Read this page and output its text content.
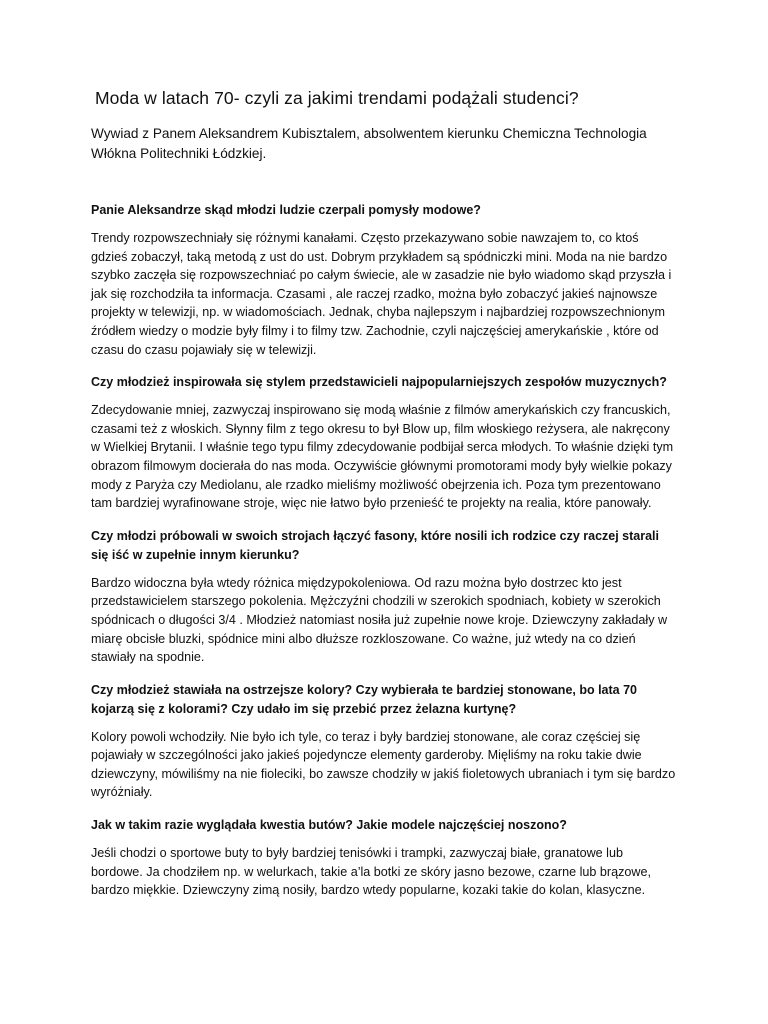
Moda w latach 70- czyli za jakimi trendami podążali studenci?

Wywiad z Panem Aleksandrem Kubisztalem, absolwentem kierunku Chemiczna Technologia Włókna Politechniki Łódzkiej.

Panie Aleksandrze skąd młodzi ludzie czerpali pomysły modowe?

Trendy rozpowszechniały się różnymi kanałami. Często przekazywano sobie nawzajem to, co ktoś gdzieś zobaczył, taką metodą z ust do ust. Dobrym przykładem są spódniczki mini. Moda na nie bardzo szybko zaczęła się rozpowszechniać po całym świecie, ale w zasadzie nie było wiadomo skąd przyszła i jak się rozchodziła ta informacja. Czasami , ale raczej rzadko, można było zobaczyć jakieś najnowsze projekty w telewizji, np. w wiadomościach. Jednak, chyba najlepszym i najbardziej rozpowszechnionym źródłem wiedzy o modzie były filmy i to filmy tzw. Zachodnie, czyli najczęściej amerykańskie , które od czasu do czasu pojawiały się w telewizji.

Czy młodzież inspirowała się stylem przedstawicieli najpopularniejszych zespołów muzycznych?

Zdecydowanie mniej, zazwyczaj inspirowano się modą właśnie z filmów amerykańskich czy francuskich, czasami też z włoskich. Słynny film z tego okresu to był Blow up, film włoskiego reżysera, ale nakręcony w Wielkiej Brytanii. I właśnie tego typu filmy zdecydowanie podbijał serca młodych. To właśnie dzięki tym obrazom filmowym docierała do nas moda. Oczywiście głównymi promotorami mody były wielkie pokazy mody z Paryża czy Mediolanu, ale rzadko mieliśmy możliwość obejrzenia ich. Poza tym prezentowano tam bardziej wyrafinowane stroje, więc nie łatwo było przenieść te projekty na realia, które panowały.

Czy młodzi próbowali w swoich strojach łączyć fasony, które nosili ich rodzice czy raczej starali się iść w zupełnie innym kierunku?

Bardzo widoczna była wtedy różnica międzypokoleniowa. Od razu można było dostrzec kto jest przedstawicielem starszego pokolenia. Mężczyźni chodzili w szerokich spodniach, kobiety w szerokich spódnicach o długości 3/4 . Młodzież natomiast nosiła już zupełnie nowe kroje. Dziewczyny zakładały w miarę obcisłe bluzki, spódnice mini albo dłuższe rozkloszowane. Co ważne, już wtedy na co dzień stawiały na spodnie.

Czy młodzież stawiała na ostrzejsze kolory? Czy wybierała te bardziej stonowane, bo lata 70 kojarzą się z kolorami? Czy udało im się przebić przez żelazna kurtynę?

Kolory powoli wchodziły. Nie było ich tyle, co teraz i były bardziej stonowane, ale coraz częściej się pojawiały w szczególności jako jakieś pojedyncze elementy garderoby. Mięliśmy na roku takie dwie dziewczyny, mówiliśmy na nie fioleciki, bo zawsze chodziły w jakiś fioletowych ubraniach i tym się bardzo wyróżniały.

Jak w takim razie wyglądała kwestia butów? Jakie modele najczęściej noszono?

Jeśli chodzi o sportowe buty to były bardziej tenisówki i trampki, zazwyczaj białe, granatowe lub bordowe. Ja chodziłem np. w welurkach, takie a’la botki ze skóry jasno bezowe, czarne lub brązowe, bardzo miękkie. Dziewczyny zimą nosiły, bardzo wtedy popularne, kozaki takie do kolan, klasyczne.
